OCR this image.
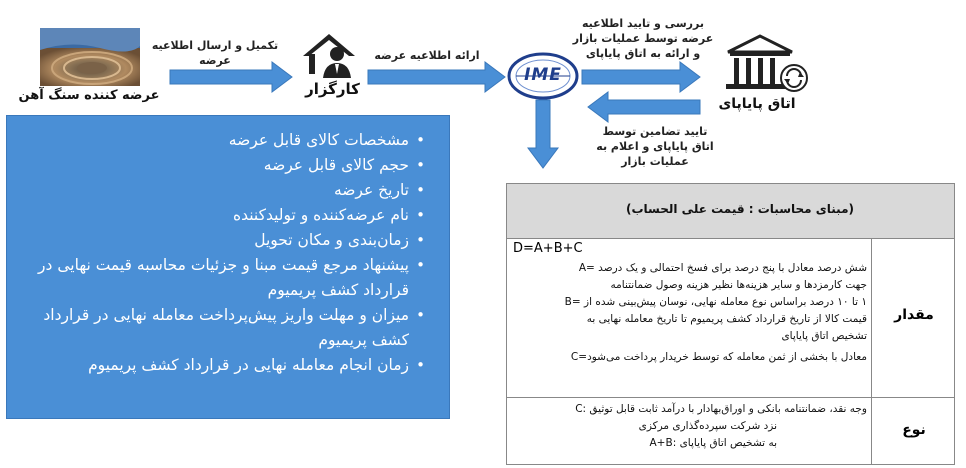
عرضه کننده سنگ آهن
تکمیل و ارسال اطلاعیه
عرضه
کارگزار
ارائه اطلاعیه عرضه
IME
بررسی و تایید اطلاعیه
عرضه توسط عملیات بازار
و ارائه به اتاق پایاپای
تایید تضامین توسط
اتاق پایاپای و اعلام به
عملیات بازار
اتاق پایاپای
• مشخصات کالای قابل عرضه
• حجم کالای قابل عرضه
• تاریخ عرضه
• نام عرضه‌کننده و تولیدکننده
• زمان‌بندی و مکان تحویل
• پیشنهاد مرجع قیمت مبنا و جزئیات محاسبه قیمت نهایی در قرارداد کشف پریمیوم
• میزان و مهلت واریز پیش‌پرداخت معامله نهایی در قرارداد کشف پریمیوم
• زمان انجام معامله نهایی در قرارداد کشف پریمیوم
(مبنای محاسبات : قیمت علی الحساب)
مقدار
D=A+B+C
شش درصد معادل با پنج درصد برای فسخ احتمالی و یک درصد =A
جهت کارمزدها و سایر هزینه‌ها نظیر هزینه وصول ضمانتنامه
۱ تا ۱۰ درصد براساس نوع معامله نهایی، نوسان پیش‌بینی شده از =B
قیمت کالا از تاریخ قرارداد کشف پریمیوم تا تاریخ معامله نهایی به
تشخیص اتاق پایاپای
معادل با بخشی از ثمن معامله که توسط خریدار پرداخت می‌شود=C
نوع
وجه نقد، ضمانتنامه بانکی و اوراق‌بهادار با درآمد ثابت قابل توثیق :C
نزد شرکت سپرده‌گذاری مرکزی
به تشخیص اتاق پایاپای :A+B
